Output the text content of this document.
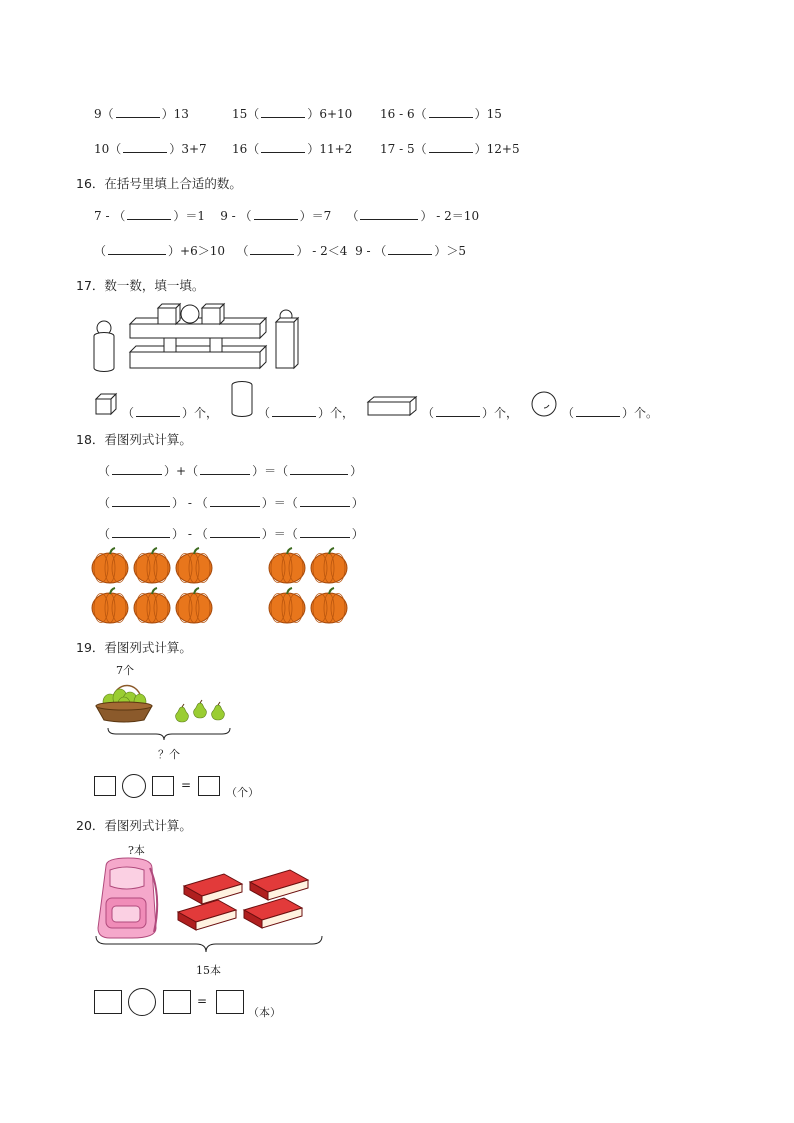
9（	）13	15（	）6+10 16 - 6（	）15
10（	）3+7 16（	）11+2 17 - 5（	）12+5
16．在括号里填上合适的数。
7 - （	）＝1 9 - （	）＝7 （	） - 2＝10
（	）+6＞10 （	） - 2＜4 9 - （	）＞5
17．数一数，填一填。
（	）个，	（	）个，	（	）个，	（	）个。
18．看图列式计算。
（	）+（	）＝（	）
（	） - （	）＝（	）
（	） - （	）＝（	）
19．看图列式计算。
7个
？个
=
（个）
20．看图列式计算。
?本
15本
=
（本）
